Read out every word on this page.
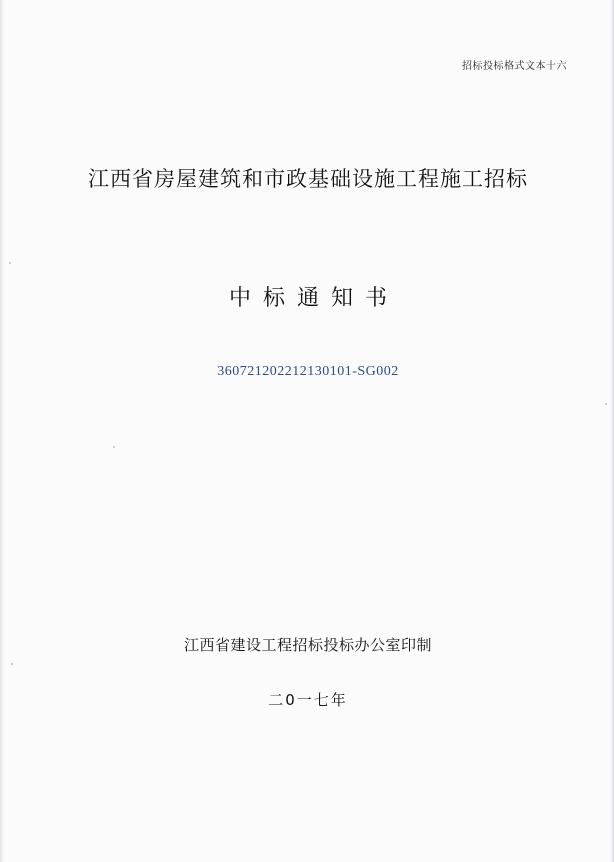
招标投标格式文本十六
江西省房屋建筑和市政基础设施工程施工招标
中标通知书
360721202212130101-SG002
江西省建设工程招标投标办公室印制
二0一七年
